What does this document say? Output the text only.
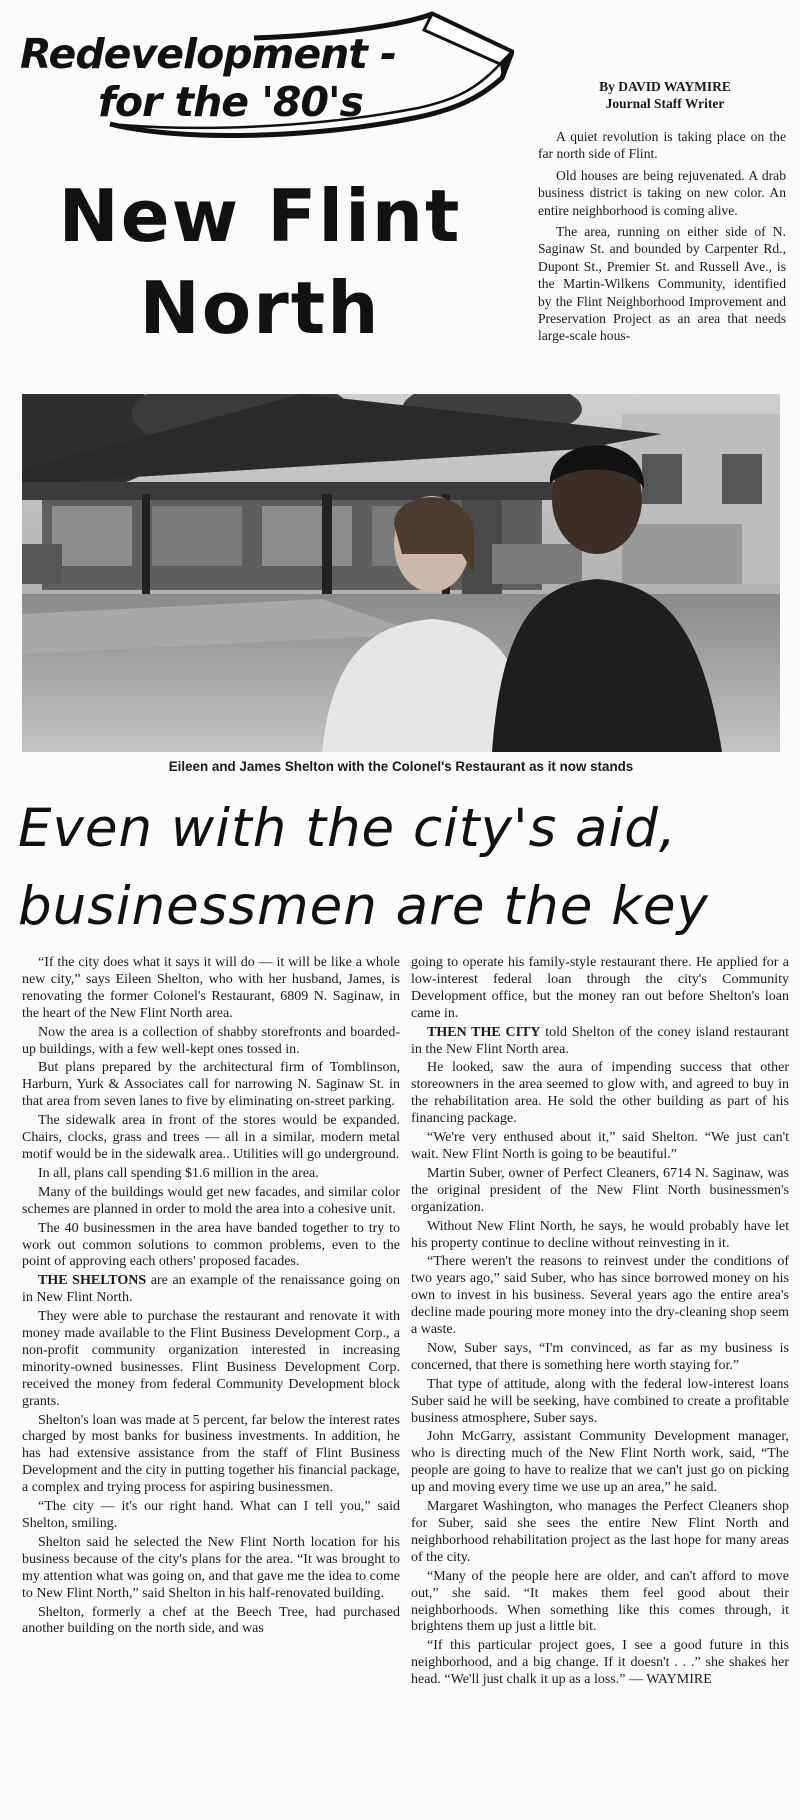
Redevelopment -
for the '80's
New Flint
North
By DAVID WAYMIRE
Journal Staff Writer

A quiet revolution is taking place on the far north side of Flint.

Old houses are being rejuvenated. A drab business district is taking on new color. An entire neighborhood is coming alive.

The area, running on either side of N. Saginaw St. and bounded by Carpenter Rd., Dupont St., Premier St. and Russell Ave., is the Martin-Wilkens Community, identified by the Flint Neighborhood Improvement and Preservation Project as an area that needs large-scale hous-

Eileen and James Shelton with the Colonel's Restaurant as it now stands
Even with the city's aid,
businessmen are the key

“If the city does what it says it will do — it will be like a whole new city,” says Eileen Shelton, who with her husband, James, is renovating the former Colonel's Restaurant, 6809 N. Saginaw, in the heart of the New Flint North area.

Now the area is a collection of shabby storefronts and boarded-up buildings, with a few well-kept ones tossed in.

But plans prepared by the architectural firm of Tomblinson, Harburn, Yurk & Associates call for narrowing N. Saginaw St. in that area from seven lanes to five by eliminating on-street parking.

The sidewalk area in front of the stores would be expanded. Chairs, clocks, grass and trees — all in a similar, modern metal motif would be in the sidewalk area.. Utilities will go underground.

In all, plans call spending $1.6 million in the area.

Many of the buildings would get new facades, and similar color schemes are planned in order to mold the area into a cohesive unit.

The 40 businessmen in the area have banded together to try to work out common solutions to common problems, even to the point of approving each others' proposed facades.

THE SHELTONS are an example of the renaissance going on in New Flint North.

They were able to purchase the restaurant and renovate it with money made available to the Flint Business Development Corp., a non-profit community organization interested in increasing minority-owned businesses. Flint Business Development Corp. received the money from federal Community Development block grants.

Shelton's loan was made at 5 percent, far below the interest rates charged by most banks for business investments. In addition, he has had extensive assistance from the staff of Flint Business Development and the city in putting together his financial package, a complex and trying process for aspiring businessmen.

“The city — it's our right hand. What can I tell you,” said Shelton, smiling.

Shelton said he selected the New Flint North location for his business because of the city's plans for the area. “It was brought to my attention what was going on, and that gave me the idea to come to New Flint North,” said Shelton in his half-renovated building.

Shelton, formerly a chef at the Beech Tree, had purchased another building on the north side, and was

going to operate his family-style restaurant there. He applied for a low-interest federal loan through the city's Community Development office, but the money ran out before Shelton's loan came in.

THEN THE CITY told Shelton of the coney island restaurant in the New Flint North area.

He looked, saw the aura of impending success that other storeowners in the area seemed to glow with, and agreed to buy in the rehabilitation area. He sold the other building as part of his financing package.

“We're very enthused about it,” said Shelton. “We just can't wait. New Flint North is going to be beautiful.”

Martin Suber, owner of Perfect Cleaners, 6714 N. Saginaw, was the original president of the New Flint North businessmen's organization.

Without New Flint North, he says, he would probably have let his property continue to decline without reinvesting in it.

“There weren't the reasons to reinvest under the conditions of two years ago,” said Suber, who has since borrowed money on his own to invest in his business. Several years ago the entire area's decline made pouring more money into the dry-cleaning shop seem a waste.

Now, Suber says, “I'm convinced, as far as my business is concerned, that there is something here worth staying for.”

That type of attitude, along with the federal low-interest loans Suber said he will be seeking, have combined to create a profitable business atmosphere, Suber says.

John McGarry, assistant Community Development manager, who is directing much of the New Flint North work, said, “The people are going to have to realize that we can't just go on picking up and moving every time we use up an area,” he said.

Margaret Washington, who manages the Perfect Cleaners shop for Suber, said she sees the entire New Flint North and neighborhood rehabilitation project as the last hope for many areas of the city.

“Many of the people here are older, and can't afford to move out,” she said. “It makes them feel good about their neighborhoods. When something like this comes through, it brightens them up just a little bit.

“If this particular project goes, I see a good future in this neighborhood, and a big change. If it doesn't . . .” she shakes her head. “We'll just chalk it up as a loss.” — WAYMIRE
